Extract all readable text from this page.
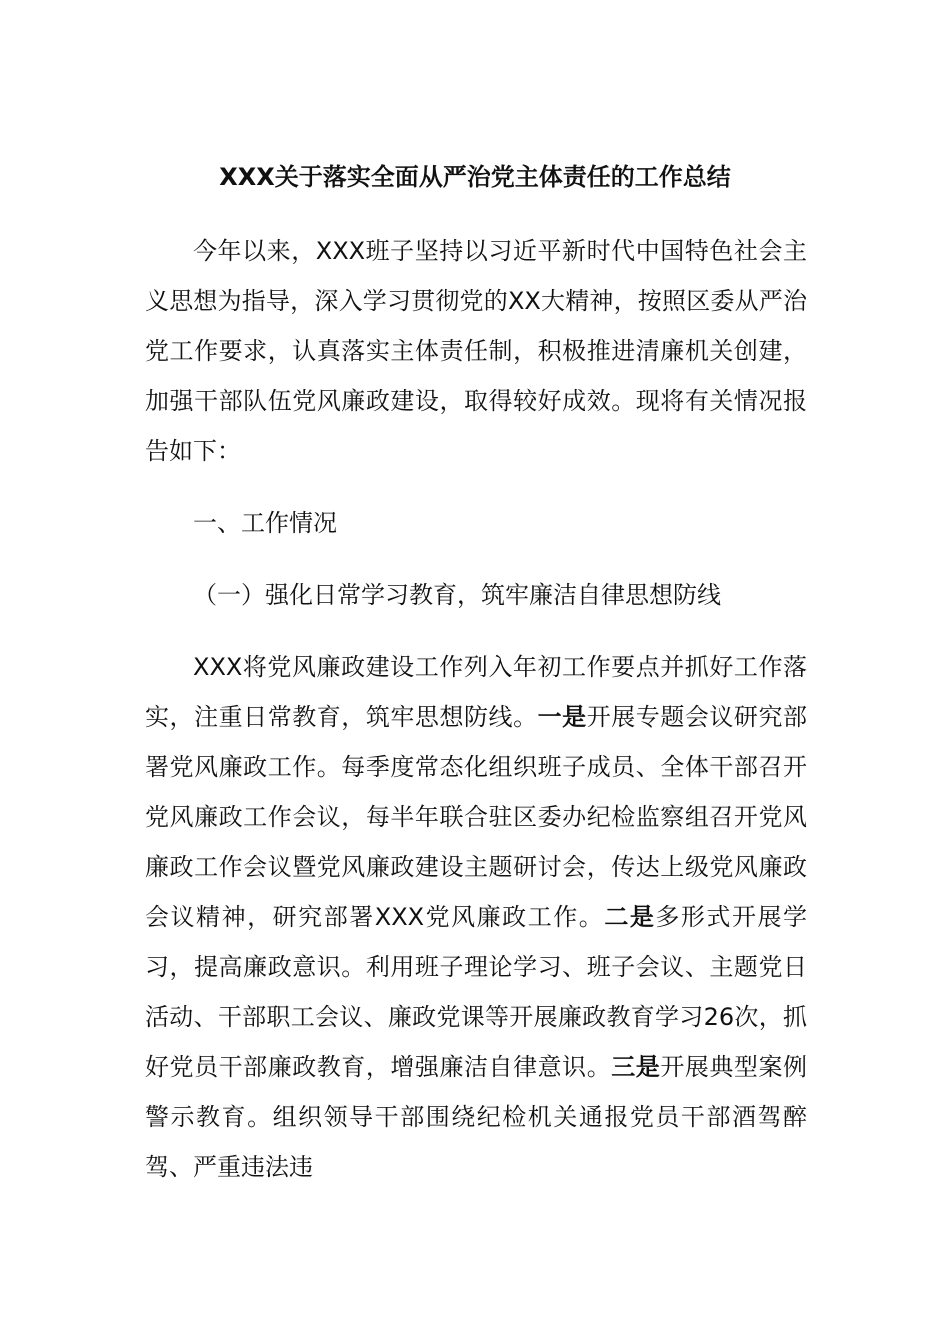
XXX关于落实全面从严治党主体责任的工作总结
今年以来，XXX班子坚持以习近平新时代中国特色社会主义思想为指导，深入学习贯彻党的XX大精神，按照区委从严治党工作要求，认真落实主体责任制，积极推进清廉机关创建，加强干部队伍党风廉政建设，取得较好成效。现将有关情况报告如下：
一、工作情况
（一）强化日常学习教育，筑牢廉洁自律思想防线
XXX将党风廉政建设工作列入年初工作要点并抓好工作落实，注重日常教育，筑牢思想防线。一是开展专题会议研究部署党风廉政工作。每季度常态化组织班子成员、全体干部召开党风廉政工作会议，每半年联合驻区委办纪检监察组召开党风廉政工作会议暨党风廉政建设主题研讨会，传达上级党风廉政会议精神，研究部署XXX党风廉政工作。二是多形式开展学习，提高廉政意识。利用班子理论学习、班子会议、主题党日活动、干部职工会议、廉政党课等开展廉政教育学习26次，抓好党员干部廉政教育，增强廉洁自律意识。三是开展典型案例警示教育。组织领导干部围绕纪检机关通报党员干部酒驾醉驾、严重违法违
